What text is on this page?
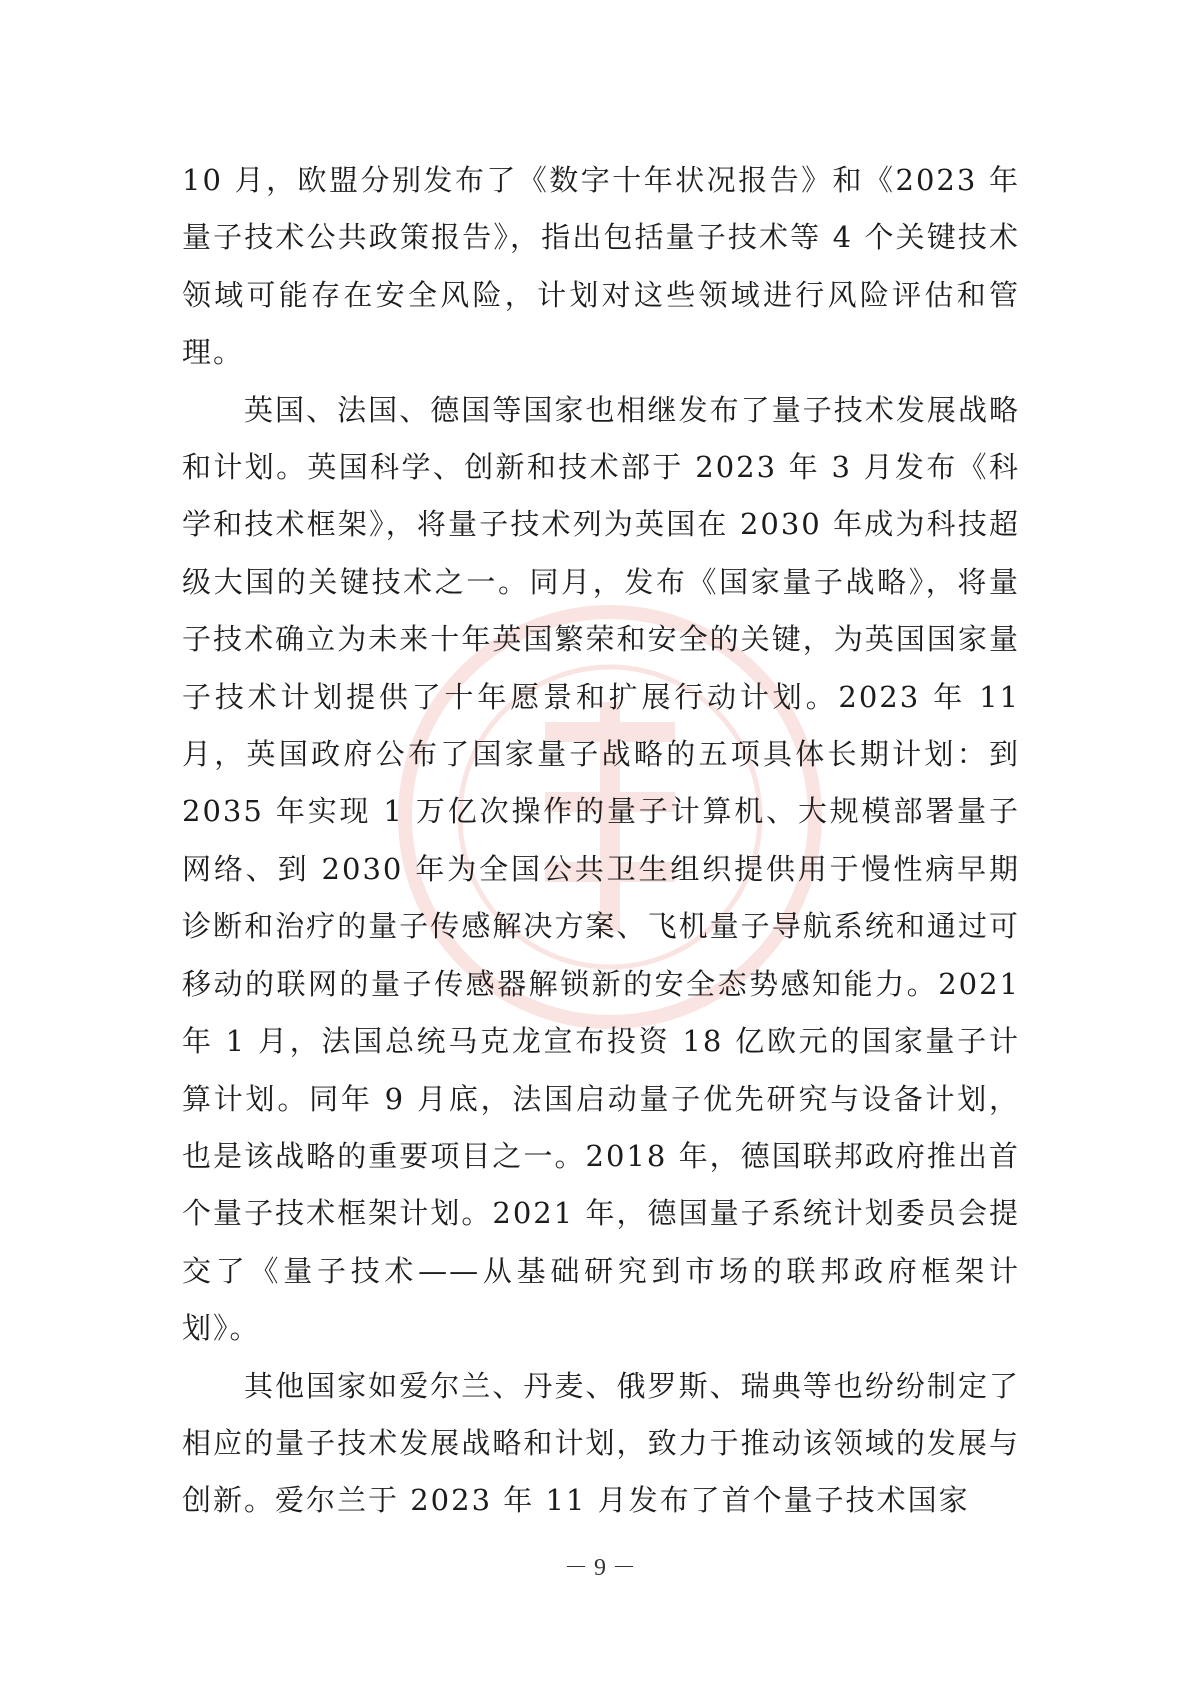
10 月，欧盟分别发布了《数字十年状况报告》和《2023 年量子技术公共政策报告》，指出包括量子技术等 4 个关键技术领域可能存在安全风险，计划对这些领域进行风险评估和管理。

英国、法国、德国等国家也相继发布了量子技术发展战略和计划。英国科学、创新和技术部于 2023 年 3 月发布《科学和技术框架》，将量子技术列为英国在 2030 年成为科技超级大国的关键技术之一。同月，发布《国家量子战略》，将量子技术确立为未来十年英国繁荣和安全的关键，为英国国家量子技术计划提供了十年愿景和扩展行动计划。2023 年 11 月，英国政府公布了国家量子战略的五项具体长期计划：到 2035 年实现 1 万亿次操作的量子计算机、大规模部署量子网络、到 2030 年为全国公共卫生组织提供用于慢性病早期诊断和治疗的量子传感解决方案、飞机量子导航系统和通过可移动的联网的量子传感器解锁新的安全态势感知能力。2021 年 1 月，法国总统马克龙宣布投资 18 亿欧元的国家量子计算计划。同年 9 月底，法国启动量子优先研究与设备计划，也是该战略的重要项目之一。2018 年，德国联邦政府推出首个量子技术框架计划。2021 年，德国量子系统计划委员会提交了《量子技术——从基础研究到市场的联邦政府框架计划》。

其他国家如爱尔兰、丹麦、俄罗斯、瑞典等也纷纷制定了相应的量子技术发展战略和计划，致力于推动该领域的发展与创新。爱尔兰于 2023 年 11 月发布了首个量子技术国家

－ 9 －
